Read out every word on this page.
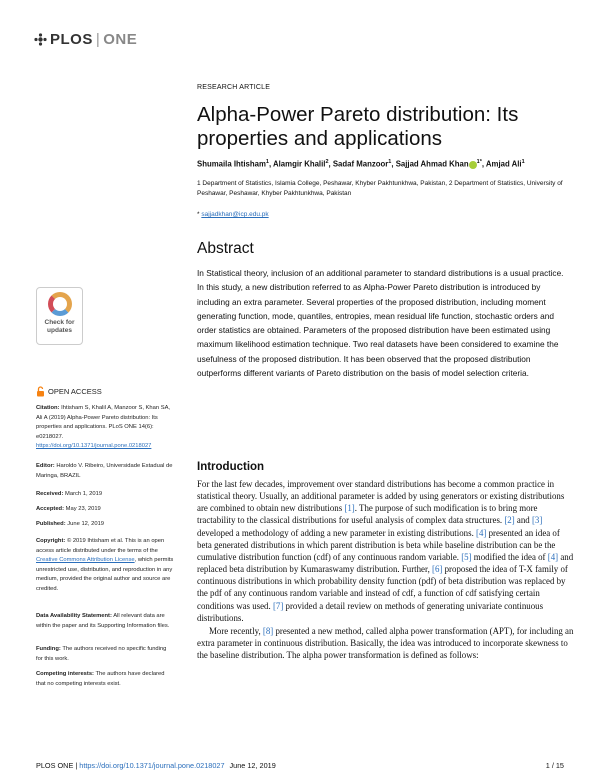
PLOS | ONE
RESEARCH ARTICLE
Alpha-Power Pareto distribution: Its properties and applications
Shumaila Ihtisham$^1$, Alamgir Khalil$^2$, Sadaf Manzoor$^1$, Sajjad Ahmad Khan $^{1*}$, Amjad Ali$^1$
1 Department of Statistics, Islamia College, Peshawar, Khyber Pakhtunkhwa, Pakistan, 2 Department of Statistics, University of Peshawar, Peshawar, Khyber Pakhtunkhwa, Pakistan
* sajjadkhan@icp.edu.pk
Abstract
In Statistical theory, inclusion of an additional parameter to standard distributions is a usual practice. In this study, a new distribution referred to as Alpha-Power Pareto distribution is introduced by including an extra parameter. Several properties of the proposed distribution, including moment generating function, mode, quantiles, entropies, mean residual life function, stochastic orders and order statistics are obtained. Parameters of the proposed distribution have been estimated using maximum likelihood estimation technique. Two real datasets have been considered to examine the usefulness of the proposed distribution. It has been observed that the proposed distribution outperforms different variants of Pareto distribution on the basis of model selection criteria.
Check for
updates
OPEN ACCESS
Citation: Ihtisham S, Khalil A, Manzoor S, Khan SA, Ali A (2019) Alpha-Power Pareto distribution: Its properties and applications. PLoS ONE 14(6): e0218027. https://doi.org/10.1371/journal.pone.0218027
Editor: Haroldo V. Ribeiro, Universidade Estadual de Maringa, BRAZIL
Received: March 1, 2019
Accepted: May 23, 2019
Published: June 12, 2019
Copyright: © 2019 Ihtisham et al. This is an open access article distributed under the terms of the Creative Commons Attribution License, which permits unrestricted use, distribution, and reproduction in any medium, provided the original author and source are credited.
Data Availability Statement: All relevant data are within the paper and its Supporting Information files.
Funding: The authors received no specific funding for this work.
Competing interests: The authors have declared that no competing interests exist.
Introduction

For the last few decades, improvement over standard distributions has become a common practice in statistical theory. Usually, an additional parameter is added by using generators or existing distributions are combined to obtain new distributions [1]. The purpose of such modification is to bring more tractability to the classical distributions for useful analysis of complex data structures. [2] and [3] developed a methodology of adding a new parameter in existing distributions. [4] presented an idea of beta generated distributions in which parent distribution is beta while baseline distribution can be the cumulative distribution function (cdf) of any continuous random variable. [5] modified the idea of [4] and replaced beta distribution by Kumaraswamy distribution. Further, [6] proposed the idea of T-X family of continuous distributions in which probability density function (pdf) of beta distribution was replaced by the pdf of any continuous random variable and instead of cdf, a function of cdf satisfying certain conditions was used. [7] provided a detail review on methods of generating univariate continuous distributions.

More recently, [8] presented a new method, called alpha power transformation (APT), for including an extra parameter in continuous distribution. Basically, the idea was introduced to incorporate skewness to the baseline distribution. The alpha power transformation is defined as follows:

PLOS ONE | https://doi.org/10.1371/journal.pone.0218027 June 12, 2019	1 / 15
